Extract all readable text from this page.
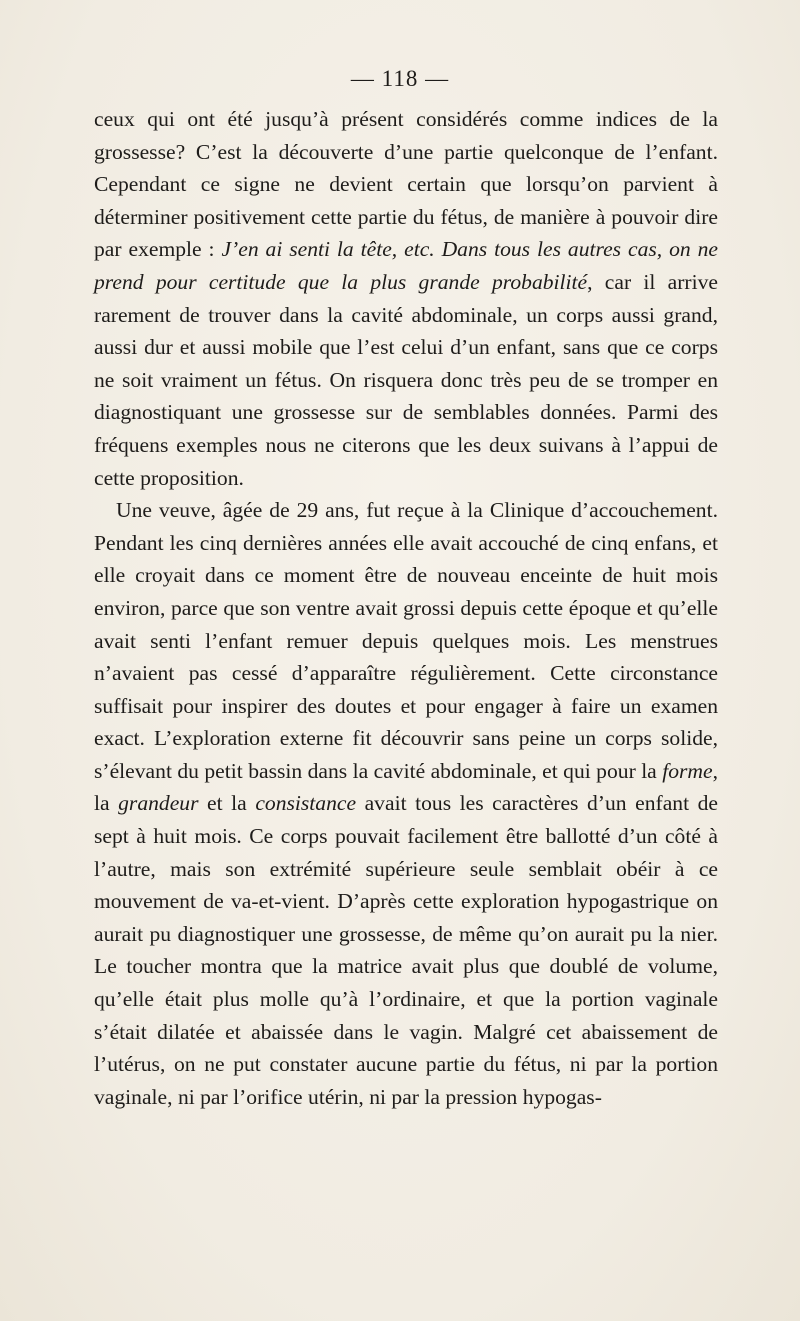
— 118 —

ceux qui ont été jusqu’à présent considérés comme indices de la grossesse? C’est la découverte d’une partie quelconque de l’enfant. Cependant ce signe ne devient certain que lorsqu’on parvient à déterminer positivement cette partie du fétus, de manière à pouvoir dire par exemple : J’en ai senti la tête, etc. Dans tous les autres cas, on ne prend pour certitude que la plus grande probabilité, car il arrive rarement de trouver dans la cavité abdominale, un corps aussi grand, aussi dur et aussi mobile que l’est celui d’un enfant, sans que ce corps ne soit vraiment un fétus. On risquera donc très peu de se tromper en diagnostiquant une grossesse sur de semblables données. Parmi des fréquens exemples nous ne citerons que les deux suivans à l’appui de cette proposition.

Une veuve, âgée de 29 ans, fut reçue à la Clinique d’accouchement. Pendant les cinq dernières années elle avait accouché de cinq enfans, et elle croyait dans ce moment être de nouveau enceinte de huit mois environ, parce que son ventre avait grossi depuis cette époque et qu’elle avait senti l’enfant remuer depuis quelques mois. Les menstrues n’avaient pas cessé d’apparaître régulièrement. Cette circonstance suffisait pour inspirer des doutes et pour engager à faire un examen exact. L’exploration externe fit découvrir sans peine un corps solide, s’élevant du petit bassin dans la cavité abdominale, et qui pour la forme, la grandeur et la consistance avait tous les caractères d’un enfant de sept à huit mois. Ce corps pouvait facilement être ballotté d’un côté à l’autre, mais son extrémité supérieure seule semblait obéir à ce mouvement de va-et-vient. D’après cette exploration hypogastrique on aurait pu diagnostiquer une grossesse, de même qu’on aurait pu la nier. Le toucher montra que la matrice avait plus que doublé de volume, qu’elle était plus molle qu’à l’ordinaire, et que la portion vaginale s’était dilatée et abaissée dans le vagin. Malgré cet abaissement de l’utérus, on ne put constater aucune partie du fétus, ni par la portion vaginale, ni par l’orifice utérin, ni par la pression hypogas-
